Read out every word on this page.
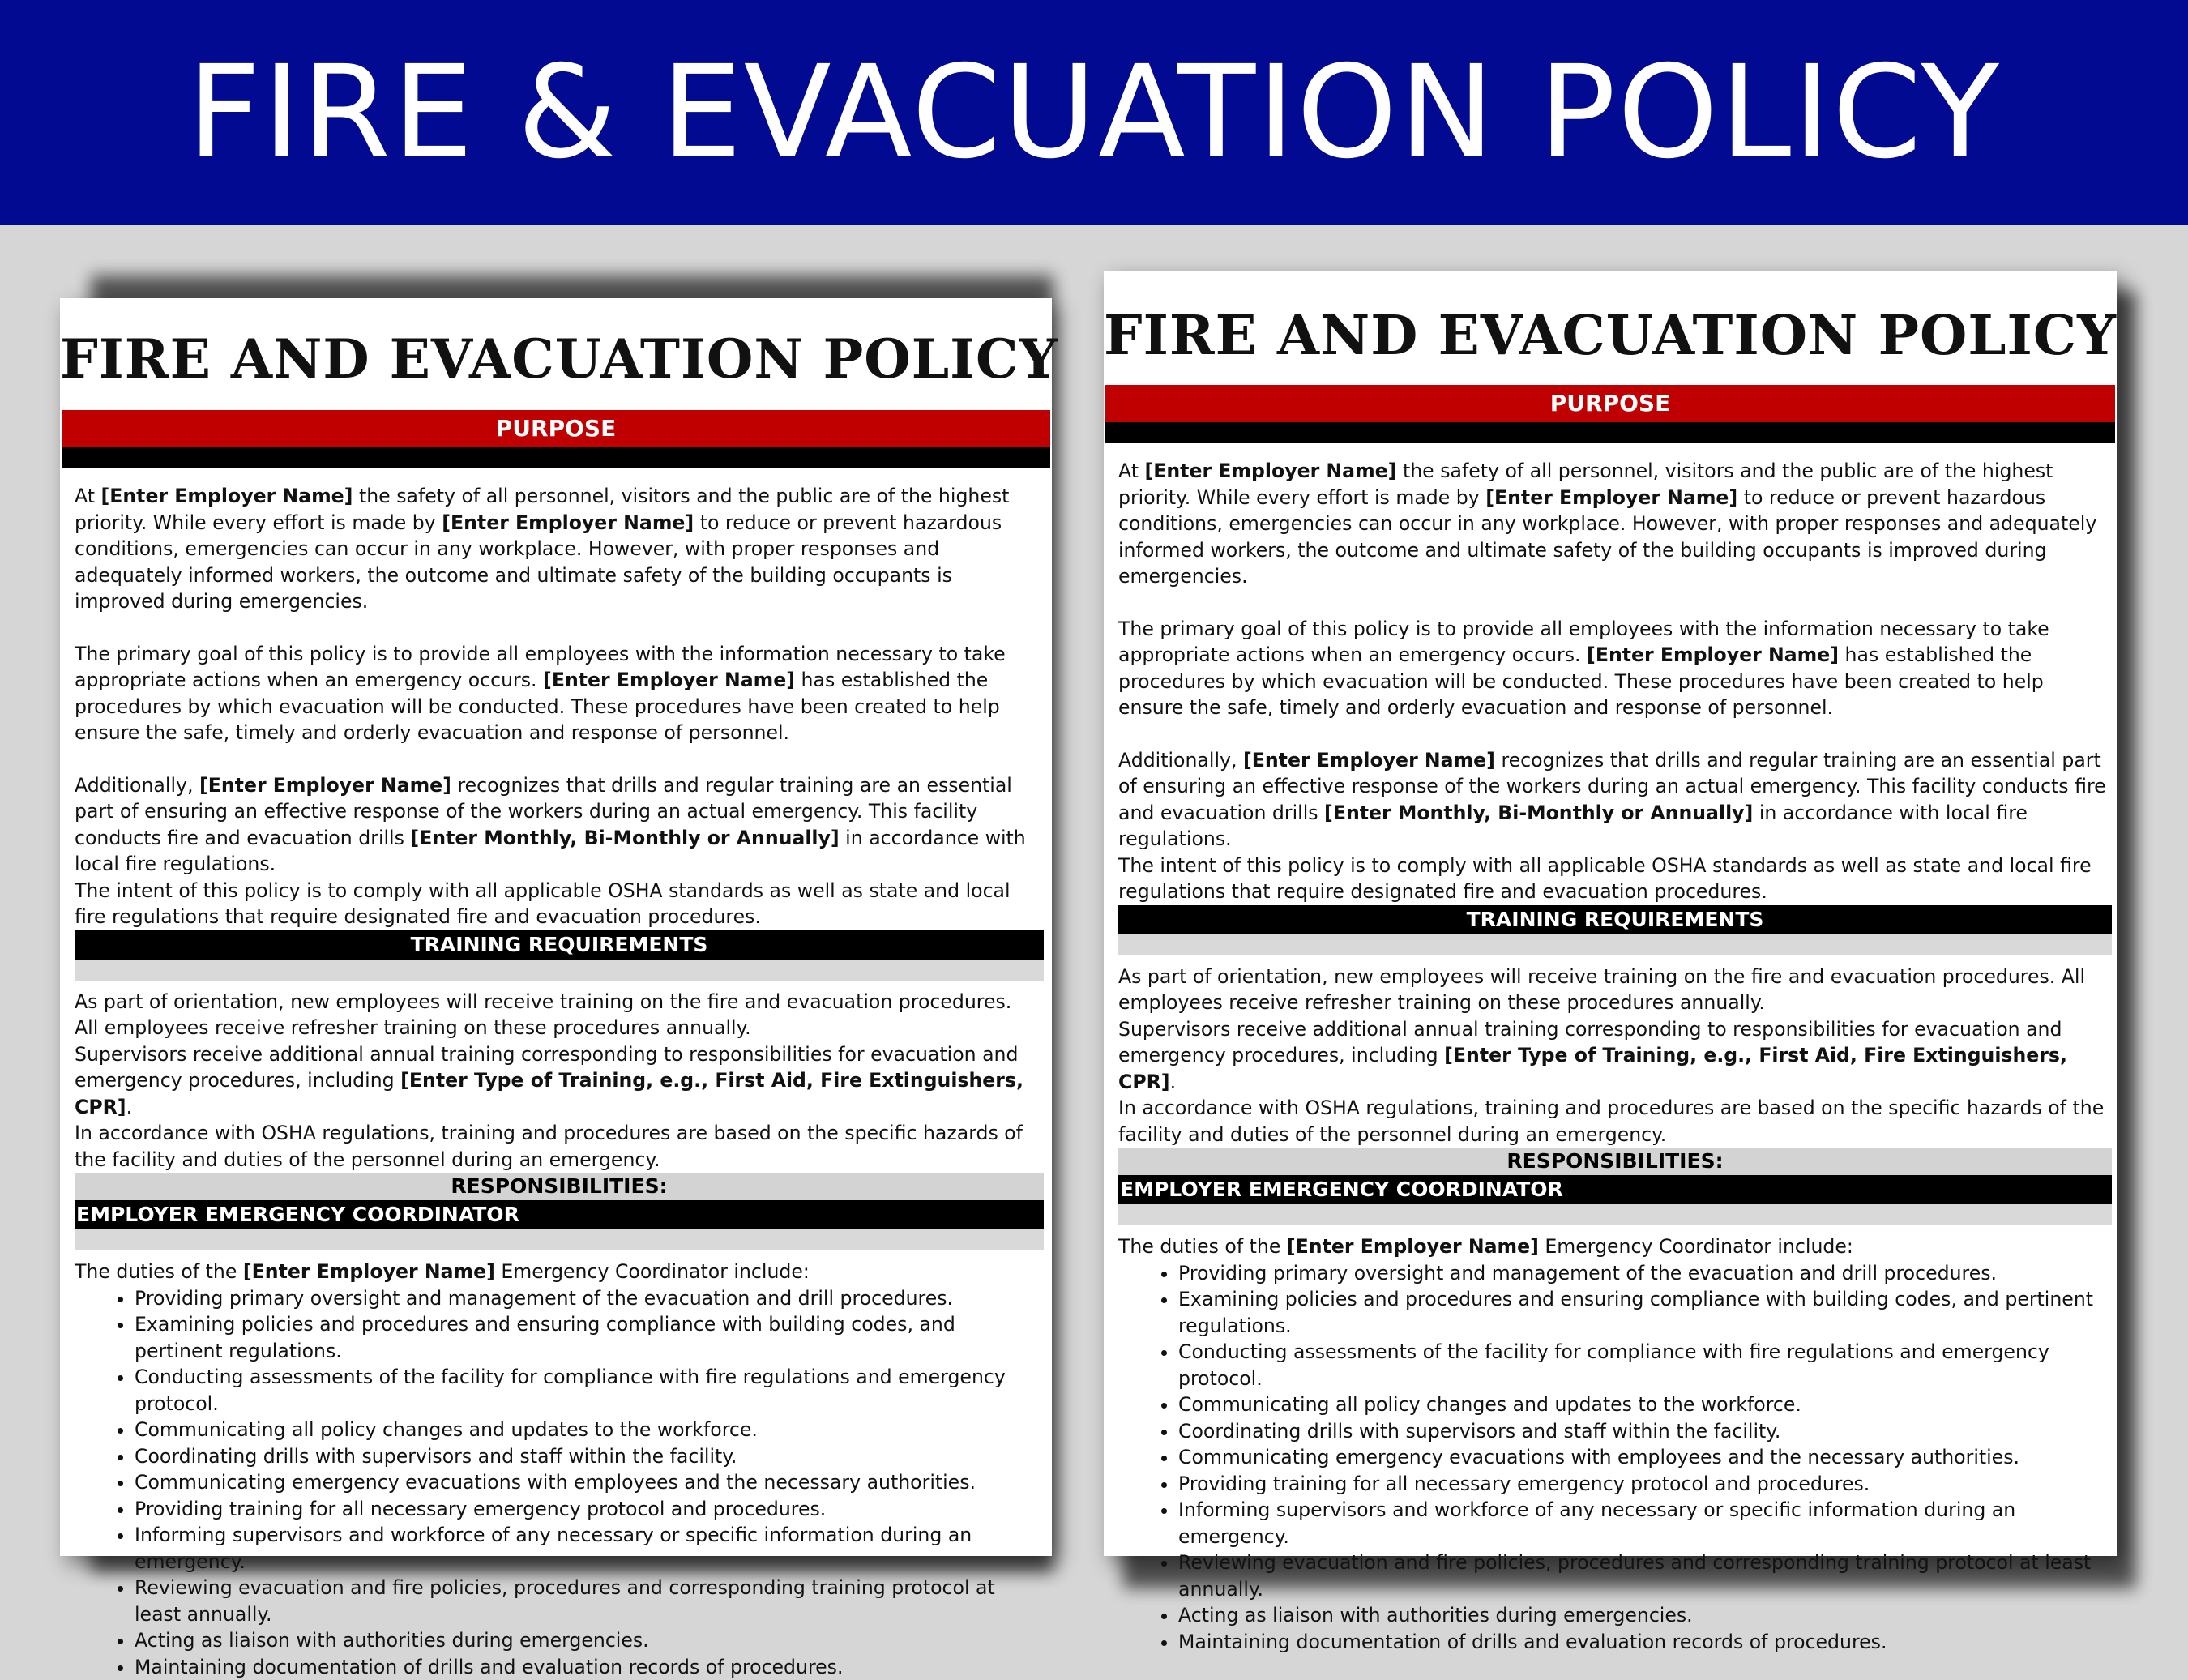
FIRE & EVACUATION POLICY
FIRE AND EVACUATION POLICY
PURPOSE

At [Enter Employer Name] the safety of all personnel, visitors and the public are of the highest priority. While every effort is made by [Enter Employer Name] to reduce or prevent hazardous conditions, emergencies can occur in any workplace. However, with proper responses and adequately informed workers, the outcome and ultimate safety of the building occupants is improved during emergencies.

The primary goal of this policy is to provide all employees with the information necessary to take appropriate actions when an emergency occurs. [Enter Employer Name] has established the procedures by which evacuation will be conducted. These procedures have been created to help ensure the safe, timely and orderly evacuation and response of personnel.

Additionally, [Enter Employer Name] recognizes that drills and regular training are an essential part of ensuring an effective response of the workers during an actual emergency. This facility conducts fire and evacuation drills [Enter Monthly, Bi-Monthly or Annually] in accordance with local fire regulations.

The intent of this policy is to comply with all applicable OSHA standards as well as state and local fire regulations that require designated fire and evacuation procedures.

TRAINING REQUIREMENTS

As part of orientation, new employees will receive training on the fire and evacuation procedures. All employees receive refresher training on these procedures annually.

Supervisors receive additional annual training corresponding to responsibilities for evacuation and emergency procedures, including [Enter Type of Training, e.g., First Aid, Fire Extinguishers, CPR].

In accordance with OSHA regulations, training and procedures are based on the specific hazards of the facility and duties of the personnel during an emergency.

RESPONSIBILITIES:
EMPLOYER EMERGENCY COORDINATOR

The duties of the [Enter Employer Name] Emergency Coordinator include:

• Providing primary oversight and management of the evacuation and drill procedures.
• Examining policies and procedures and ensuring compliance with building codes, and pertinent regulations.
• Conducting assessments of the facility for compliance with fire regulations and emergency protocol.
• Communicating all policy changes and updates to the workforce.
• Coordinating drills with supervisors and staff within the facility.
• Communicating emergency evacuations with employees and the necessary authorities.
• Providing training for all necessary emergency protocol and procedures.
• Informing supervisors and workforce of any necessary or specific information during an emergency.
• Reviewing evacuation and fire policies, procedures and corresponding training protocol at least annually.
• Acting as liaison with authorities during emergencies.
• Maintaining documentation of drills and evaluation records of procedures.
FIRE AND EVACUATION POLICY
PURPOSE

At [Enter Employer Name] the safety of all personnel, visitors and the public are of the highest priority. While every effort is made by [Enter Employer Name] to reduce or prevent hazardous conditions, emergencies can occur in any workplace. However, with proper responses and adequately informed workers, the outcome and ultimate safety of the building occupants is improved during emergencies.

The primary goal of this policy is to provide all employees with the information necessary to take appropriate actions when an emergency occurs. [Enter Employer Name] has established the procedures by which evacuation will be conducted. These procedures have been created to help ensure the safe, timely and orderly evacuation and response of personnel.

Additionally, [Enter Employer Name] recognizes that drills and regular training are an essential part of ensuring an effective response of the workers during an actual emergency. This facility conducts fire and evacuation drills [Enter Monthly, Bi-Monthly or Annually] in accordance with local fire regulations.

The intent of this policy is to comply with all applicable OSHA standards as well as state and local fire regulations that require designated fire and evacuation procedures.

TRAINING REQUIREMENTS

As part of orientation, new employees will receive training on the fire and evacuation procedures. All employees receive refresher training on these procedures annually.

Supervisors receive additional annual training corresponding to responsibilities for evacuation and emergency procedures, including [Enter Type of Training, e.g., First Aid, Fire Extinguishers, CPR].

In accordance with OSHA regulations, training and procedures are based on the specific hazards of the facility and duties of the personnel during an emergency.

RESPONSIBILITIES:
EMPLOYER EMERGENCY COORDINATOR

The duties of the [Enter Employer Name] Emergency Coordinator include:

• Providing primary oversight and management of the evacuation and drill procedures.
• Examining policies and procedures and ensuring compliance with building codes, and pertinent regulations.
• Conducting assessments of the facility for compliance with fire regulations and emergency protocol.
• Communicating all policy changes and updates to the workforce.
• Coordinating drills with supervisors and staff within the facility.
• Communicating emergency evacuations with employees and the necessary authorities.
• Providing training for all necessary emergency protocol and procedures.
• Informing supervisors and workforce of any necessary or specific information during an emergency.
• Reviewing evacuation and fire policies, procedures and corresponding training protocol at least annually.
• Acting as liaison with authorities during emergencies.
• Maintaining documentation of drills and evaluation records of procedures.
